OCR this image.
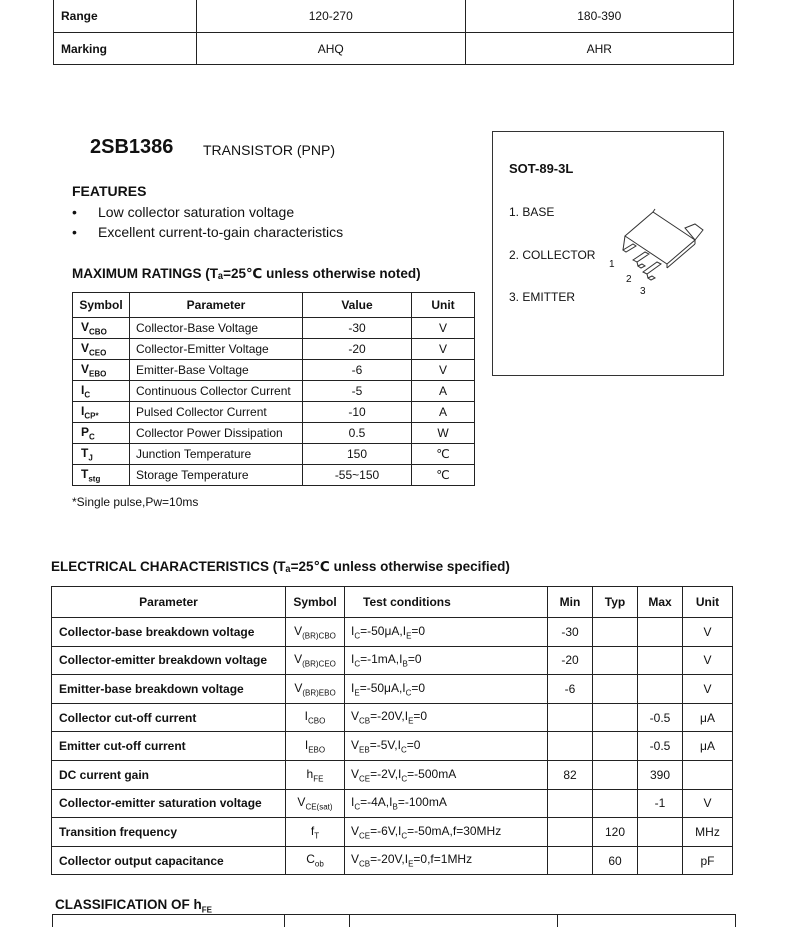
Range	120-270	180-390
Marking	AHQ	AHR
2SB1386 TRANSISTOR (PNP)
FEATURES
• Low collector saturation voltage
• Excellent current-to-gain characteristics
MAXIMUM RATINGS (Tₐ=25℃ unless otherwise noted)
SOT-89-3L
1. BASE
2. COLLECTOR
3. EMITTER
1
2
3
Symbol	Parameter	Value	Unit
$V_{CBO}$	Collector-Base Voltage	-30	V
$V_{CEO}$	Collector-Emitter Voltage	-20	V
$V_{EBO}$	Emitter-Base Voltage	-6	V
$I_C$	Continuous Collector Current	-5	A
$I_{CP*}$	Pulsed Collector Current	-10	A
$P_C$	Collector Power Dissipation	0.5	W
$T_J$	Junction Temperature	150	℃
$T_{stg}$	Storage Temperature	-55~150	℃
*Single pulse,Pw=10ms
ELECTRICAL CHARACTERISTICS (Tₐ=25℃ unless otherwise specified)
Parameter	Symbol	Test conditions	Min	Typ	Max	Unit
Collector-base breakdown voltage	$V_{(BR)CBO}$	$I_C=-50\mu A,I_E=0$	-30			V
Collector-emitter breakdown voltage	$V_{(BR)CEO}$	$I_C=-1mA,I_B=0$	-20			V
Emitter-base breakdown voltage	$V_{(BR)EBO}$	$I_E=-50\mu A,I_C=0$	-6			V
Collector cut-off current	$I_{CBO}$	$V_{CB}=-20V,I_E=0$			-0.5	μA
Emitter cut-off current	$I_{EBO}$	$V_{EB}=-5V,I_C=0$			-0.5	μA
DC current gain	$h_{FE}$	$V_{CE}=-2V,I_C=-500mA$	82		390	
Collector-emitter saturation voltage	$V_{CE(sat)}$	$I_C=-4A,I_B=-100mA$			-1	V
Transition frequency	$f_T$	$V_{CE}=-6V,I_C=-50mA,f=30MHz$		120		MHz
Collector output capacitance	$C_{ob}$	$V_{CB}=-20V,I_E=0,f=1MHz$		60		pF
CLASSIFICATION OF $h_{FE}$
